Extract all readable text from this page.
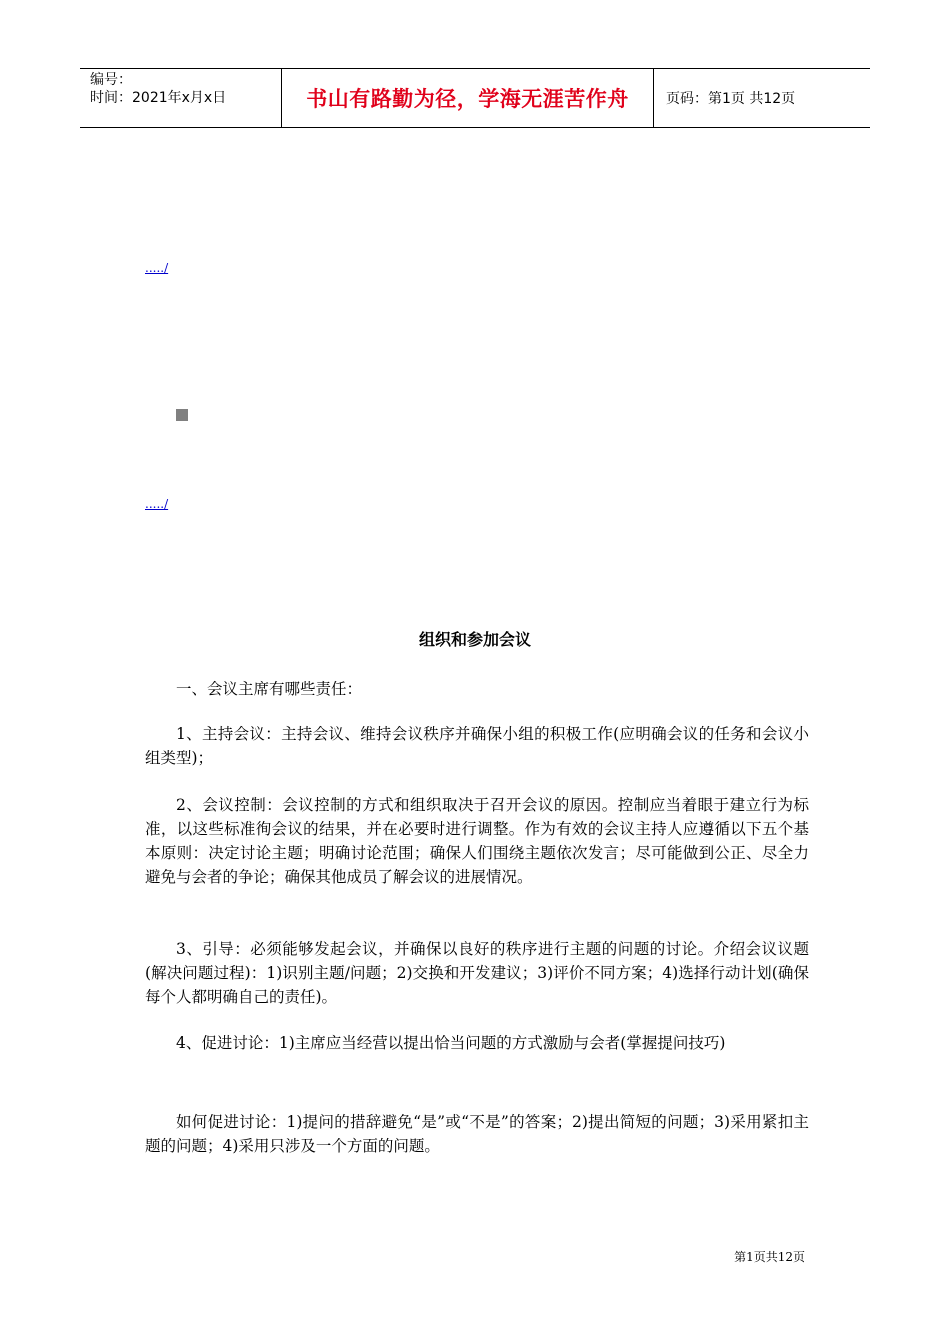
编号：
时间：2021年x月x日	书山有路勤为径，学海无涯苦作舟	页码：第1页 共12页
...../
...../
组织和参加会议

一、会议主席有哪些责任：

1、主持会议：主持会议、维持会议秩序并确保小组的积极工作(应明确会议的任务和会议小组类型)；

2、会议控制：会议控制的方式和组织取决于召开会议的原因。控制应当着眼于建立行为标准，以这些标准徇会议的结果，并在必要时进行调整。作为有效的会议主持人应遵循以下五个基本原则：决定讨论主题；明确讨论范围；确保人们围绕主题依次发言；尽可能做到公正、尽全力避免与会者的争论；确保其他成员了解会议的进展情况。

3、引导：必须能够发起会议，并确保以良好的秩序进行主题的问题的讨论。介绍会议议题(解决问题过程)：1)识别主题/问题；2)交换和开发建议；3)评价不同方案；4)选择行动计划(确保每个人都明确自己的责任)。

4、促进讨论：1)主席应当经营以提出恰当问题的方式激励与会者(掌握提问技巧)

如何促进讨论：1)提问的措辞避免“是”或“不是”的答案；2)提出简短的问题；3)采用紧扣主题的问题；4)采用只涉及一个方面的问题。

第1页共12页
